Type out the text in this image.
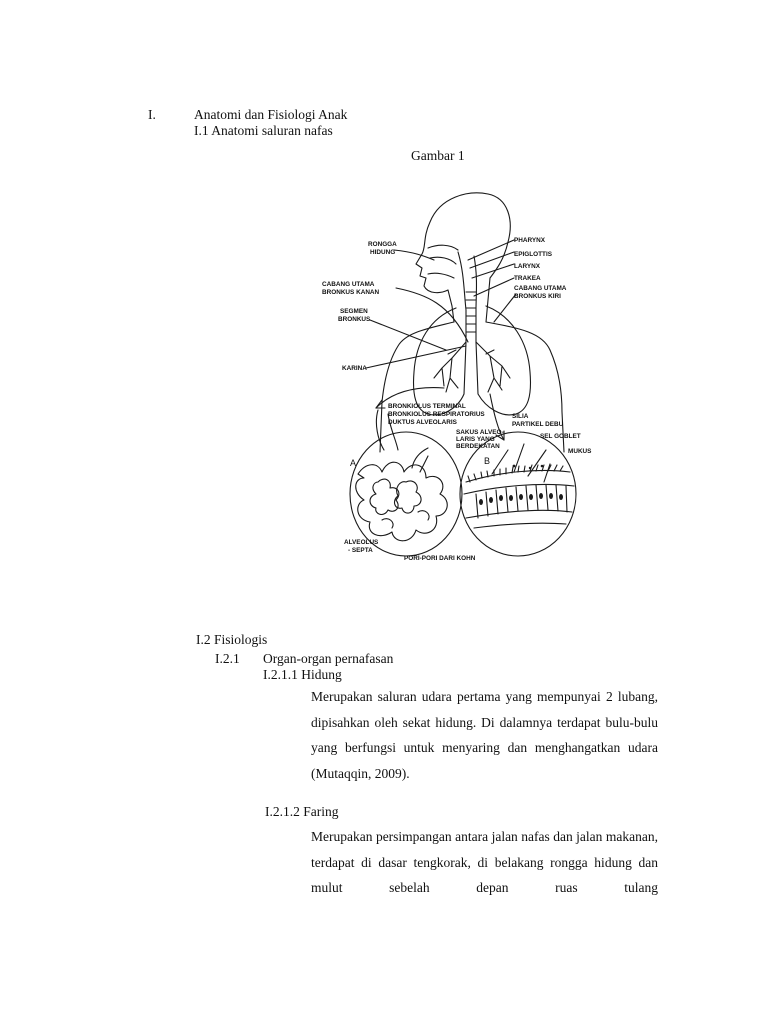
I.	Anatomi dan Fisiologi Anak
I.1 Anatomi saluran nafas
Gambar 1
RONGGA
HIDUNG
PHARYNX
EPIGLOTTIS
LARYNX
TRAKEA
CABANG UTAMA
BRONKUS KIRI
CABANG UTAMA
BRONKUS KANAN
SEGMEN
BRONKUS
KARINA
BRONKIOLUS TERMINAL
BRONKIOLUS RESPIRATORIUS
DUKTUS ALVEOLARIS
SAKUS ALVEO-
LARIS YANG
BERDEKATAN
SILIA
PARTIKEL DEBU
SEL GOBLET
MUKUS
ALVEOLUS
- SEPTA
PORI-PORI DARI KOHN
A	B
I.2 Fisiologis
I.2.1 Organ-organ pernafasan
I.2.1.1 Hidung

Merupakan saluran udara pertama yang mempunyai 2 lubang, dipisahkan oleh sekat hidung. Di dalamnya terdapat bulu-bulu yang berfungsi untuk menyaring dan menghangatkan udara (Mutaqqin, 2009).

I.2.1.2 Faring

Merupakan persimpangan antara jalan nafas dan jalan makanan, terdapat di dasar tengkorak, di belakang rongga hidung dan mulut sebelah depan ruas tulang
